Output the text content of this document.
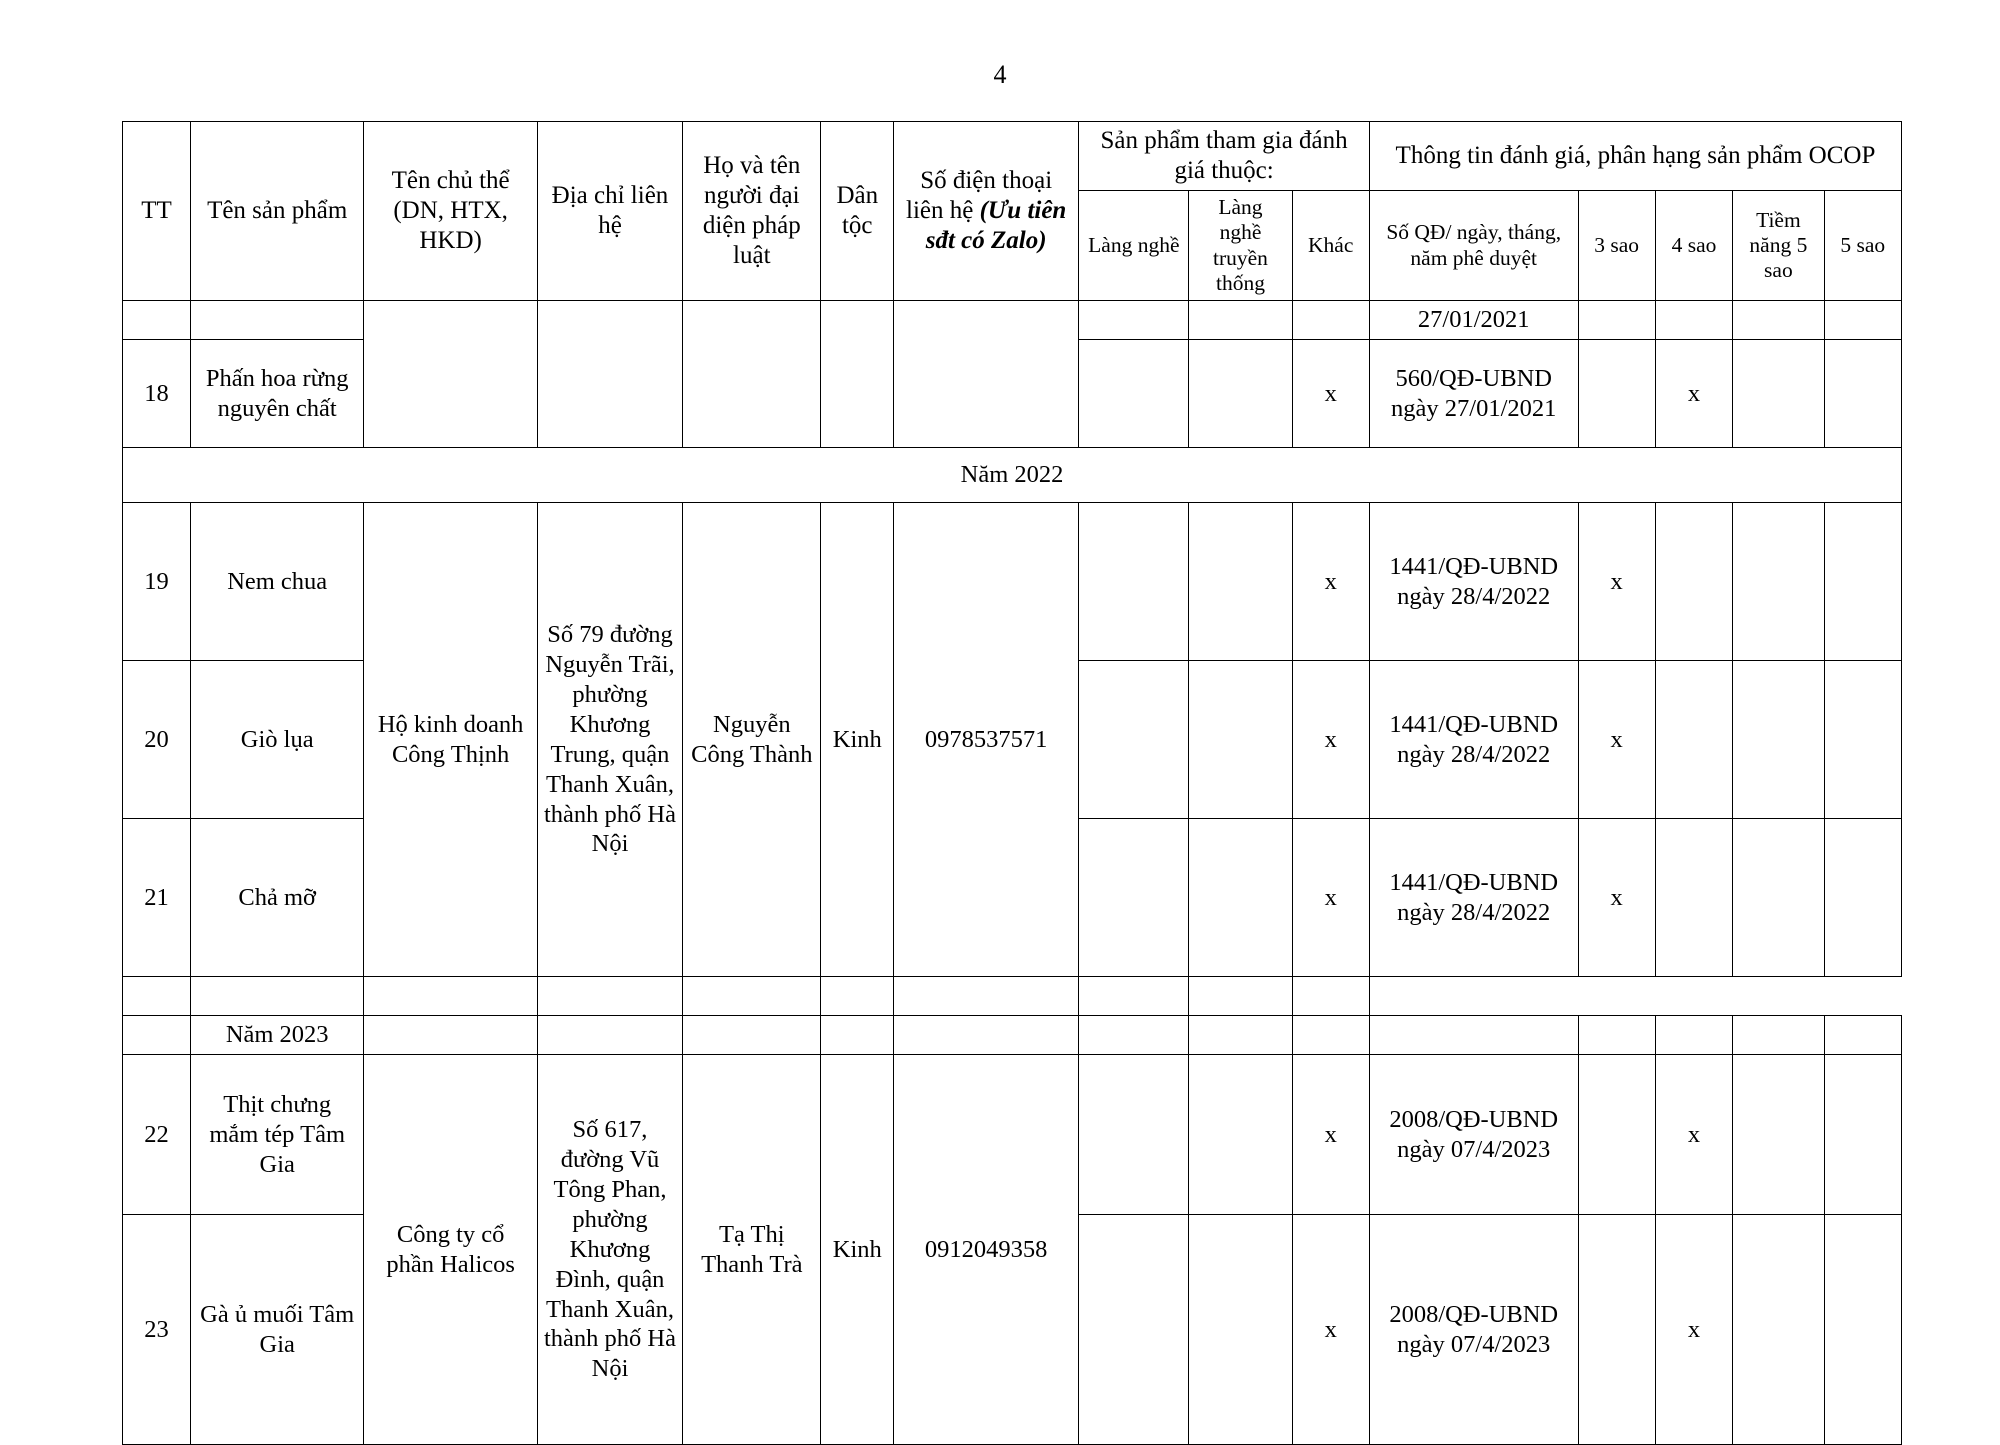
4
TT	Tên sản phẩm	Tên chủ thể (DN, HTX, HKD)	Địa chỉ liên hệ	Họ và tên người đại diện pháp luật	Dân tộc	Số điện thoại liên hệ (Ưu tiên sđt có Zalo)	Sản phẩm tham gia đánh giá thuộc:			Thông tin đánh giá, phân hạng sản phẩm OCOP				
							Làng nghề	Làng nghề truyền thống	Khác	Số QĐ/ ngày, tháng, năm phê duyệt	3 sao	4 sao	Tiềm năng 5 sao	5 sao
										27/01/2021				
18	Phấn hoa rừng nguyên chất								x	560/QĐ-UBND ngày 27/01/2021		x		
Năm 2022														
19	Nem chua	Hộ kinh doanh Công Thịnh	Số 79 đường Nguyễn Trãi, phường Khương Trung, quận Thanh Xuân, thành phố Hà Nội	Nguyễn Công Thành	Kinh	0978537571			x	1441/QĐ-UBND ngày 28/4/2022	x			
20	Giò lụa								x	1441/QĐ-UBND ngày 28/4/2022	x			
21	Chả mỡ								x	1441/QĐ-UBND ngày 28/4/2022	x			

	Năm 2023													
22	Thịt chưng mắm tép Tâm Gia	Công ty cổ phần Halicos	Số 617, đường Vũ Tông Phan, phường Khương Đình, quận Thanh Xuân, thành phố Hà Nội	Tạ Thị Thanh Trà	Kinh	0912049358			x	2008/QĐ-UBND ngày 07/4/2023		x		
23	Gà ủ muối Tâm Gia								x	2008/QĐ-UBND ngày 07/4/2023		x		
